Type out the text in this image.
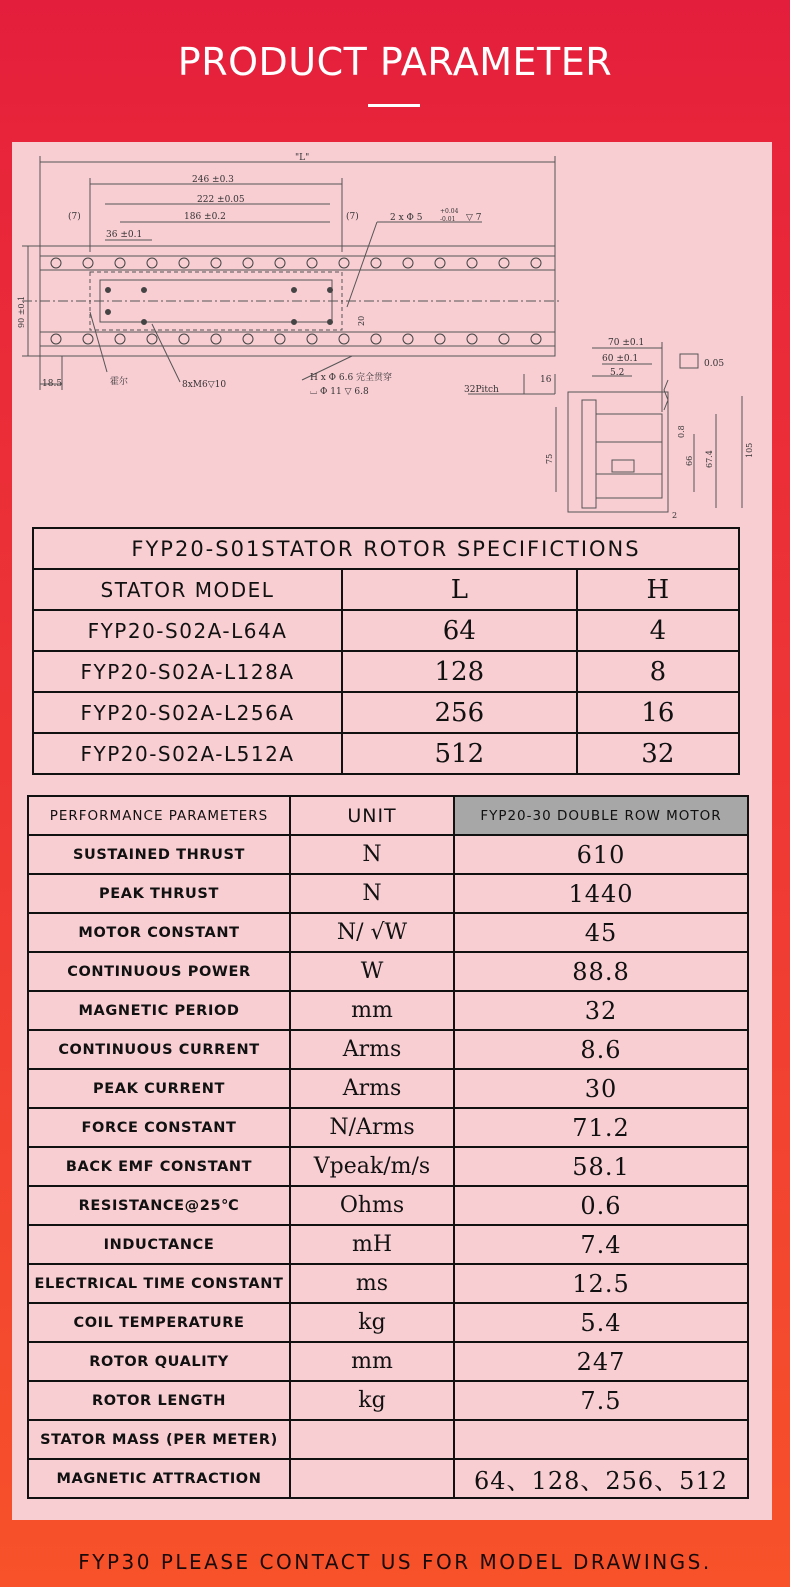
PRODUCT PARAMETER
"L"
246 ±0.3
222 ±0.05
186 ±0.2
(7)	(7)
36 ±0.1
2 x Φ 5
+0.04
-0.01 ▽ 7
90 ±0.1	20
18.5	霍尔	8xM6▽10
H x Φ 6.6 完全贯穿
⌴ Φ 11 ▽ 6.8	32Pitch
16
70 ±0.1
60 ±0.1
5.2
0.05
0.8
75	66 67.4	105
2
FYP20-S01STATOR ROTOR SPECIFICTIONS		
STATOR MODEL	L	H
FYP20-S02A-L64A	64	4
FYP20-S02A-L128A	128	8
FYP20-S02A-L256A	256	16
FYP20-S02A-L512A	512	32
PERFORMANCE PARAMETERS	UNIT	FYP20-30 DOUBLE ROW MOTOR
SUSTAINED THRUST	N	610
PEAK THRUST	N	1440
MOTOR CONSTANT	N/ √W	45
CONTINUOUS POWER	W	88.8
MAGNETIC PERIOD	mm	32
CONTINUOUS CURRENT	Arms	8.6
PEAK CURRENT	Arms	30
FORCE CONSTANT	N/Arms	71.2
BACK EMF CONSTANT	Vpeak/m/s	58.1
RESISTANCE@25℃	Ohms	0.6
INDUCTANCE	mH	7.4
ELECTRICAL TIME CONSTANT	ms	12.5
COIL TEMPERATURE	kg	5.4
ROTOR QUALITY	mm	247
ROTOR LENGTH	kg	7.5
STATOR MASS (PER METER)		
MAGNETIC ATTRACTION		64、128、256、512
FYP30 PLEASE CONTACT US FOR MODEL DRAWINGS.
